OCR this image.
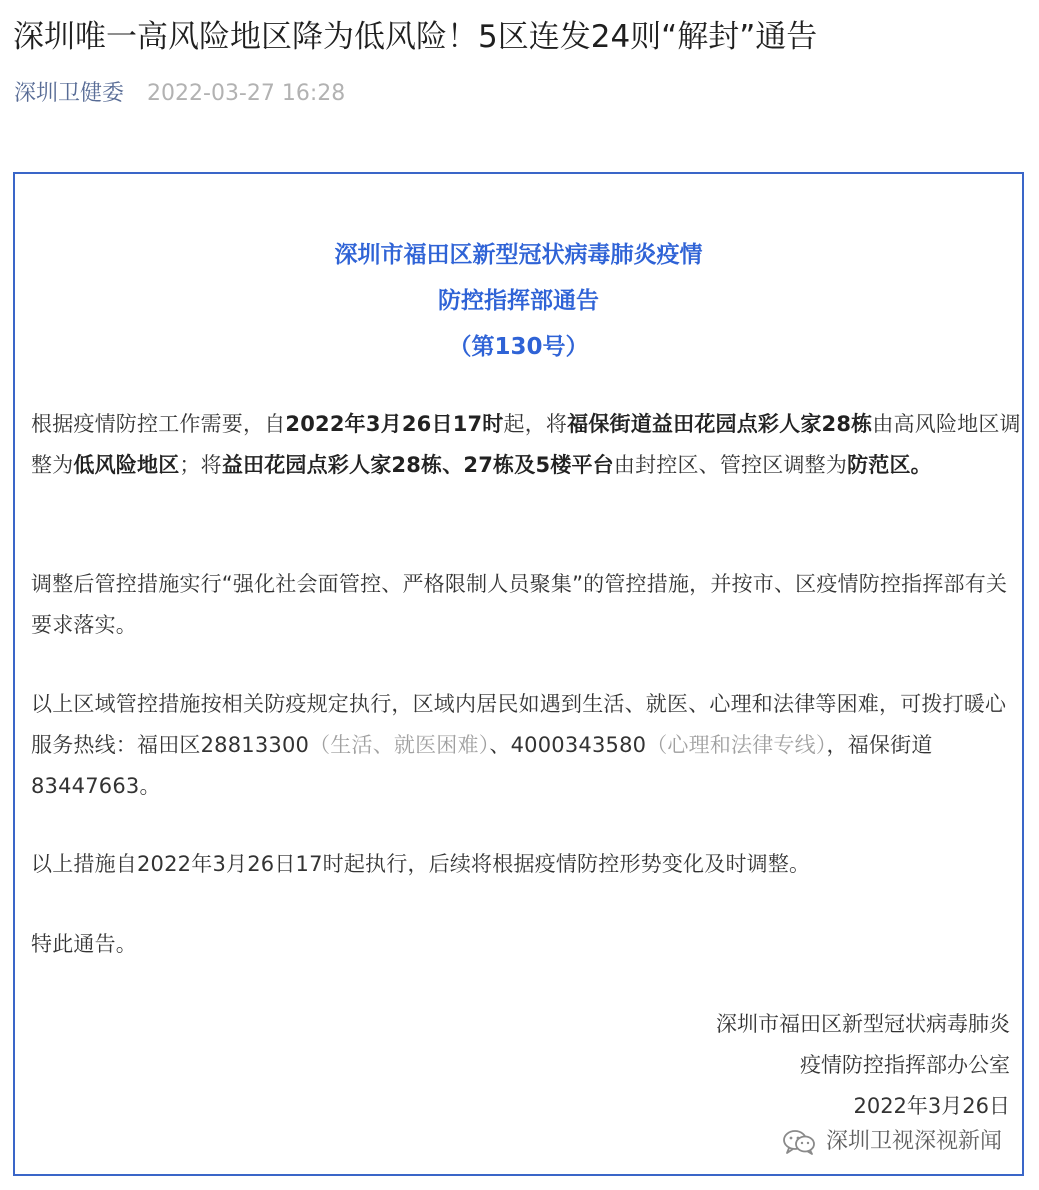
深圳唯一高风险地区降为低风险！5区连发24则“解封”通告
深圳卫健委 2022-03-27 16:28
深圳市福田区新型冠状病毒肺炎疫情
防控指挥部通告
（第130号）

根据疫情防控工作需要，自2022年3月26日17时起，将福保街道益田花园点彩人家28栋由高风险地区调整为低风险地区；将益田花园点彩人家28栋、27栋及5楼平台由封控区、管控区调整为防范区。

调整后管控措施实行“强化社会面管控、严格限制人员聚集”的管控措施，并按市、区疫情防控指挥部有关要求落实。

以上区域管控措施按相关防疫规定执行，区域内居民如遇到生活、就医、心理和法律等困难，可拨打暖心服务热线：福田区28813300（生活、就医困难）、4000343580（心理和法律专线），福保街道83447663。

以上措施自2022年3月26日17时起执行，后续将根据疫情防控形势变化及时调整。

特此通告。

深圳市福田区新型冠状病毒肺炎
疫情防控指挥部办公室
2022年3月26日
深圳卫视深视新闻
